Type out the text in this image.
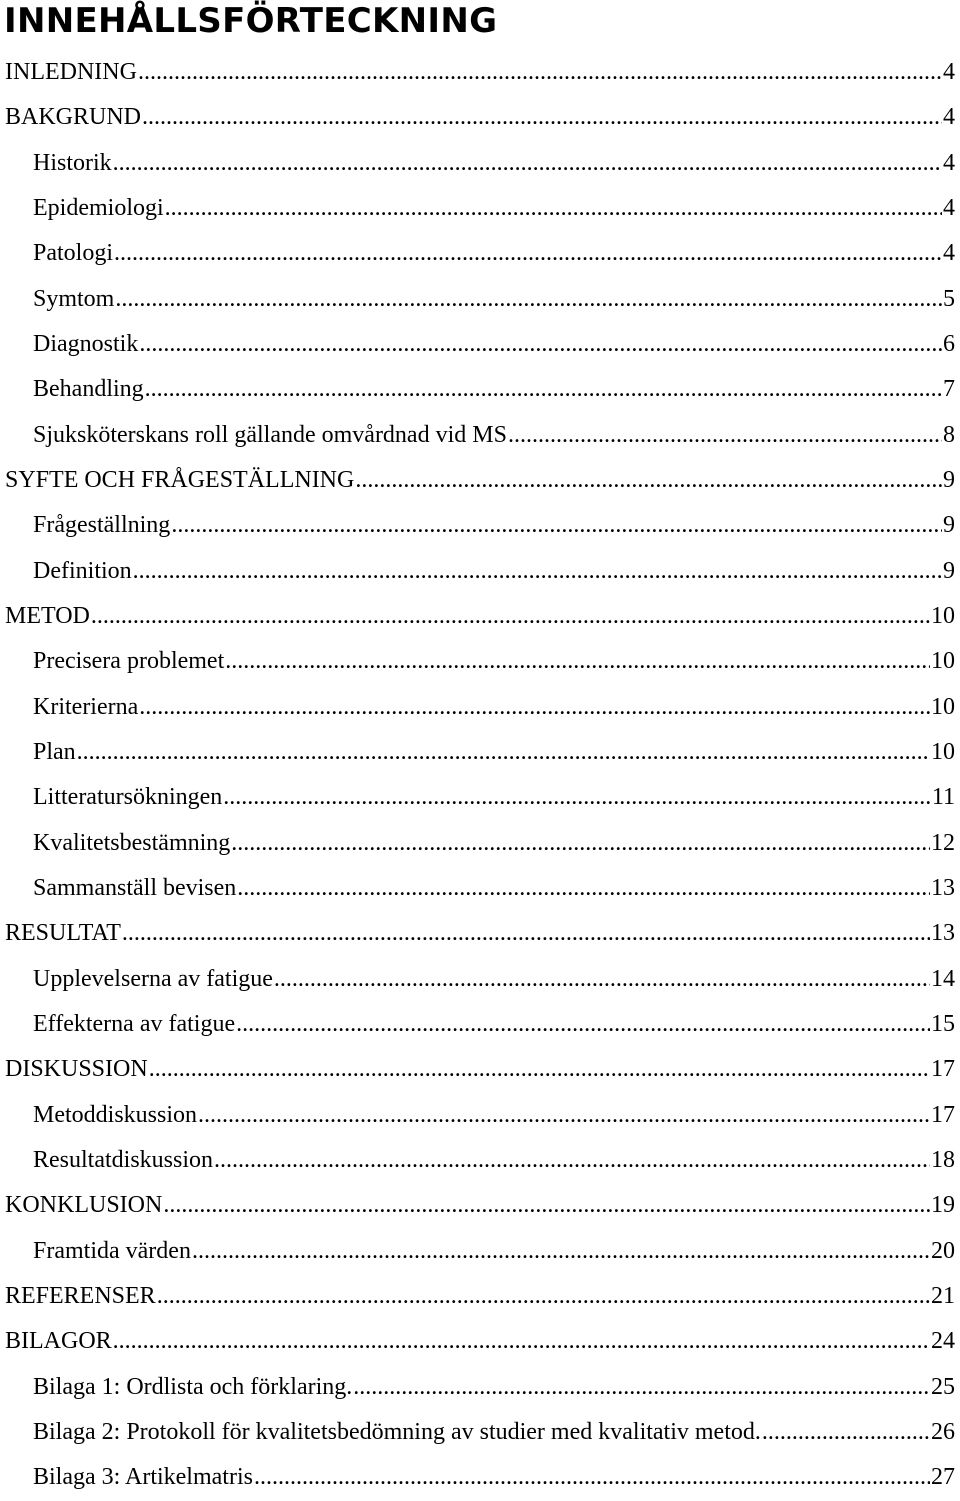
INNEHÅLLSFÖRTECKNING
INLEDNING .....	4
BAKGRUND .....	4
Historik .....	4
Epidemiologi .....	4
Patologi .....	4
Symtom .....	5
Diagnostik .....	6
Behandling .....	7
Sjuksköterskans roll gällande omvårdnad vid MS .....	8
SYFTE OCH FRÅGESTÄLLNING .....	9
Frågeställning .....	9
Definition .....	9
METOD .....	10
Precisera problemet .....	10
Kriterierna .....	10
Plan .....	10
Litteratursökningen .....	11
Kvalitetsbestämning .....	12
Sammanställ bevisen .....	13
RESULTAT .....	13
Upplevelserna av fatigue .....	14
Effekterna av fatigue .....	15
DISKUSSION .....	17
Metoddiskussion .....	17
Resultatdiskussion .....	18
KONKLUSION .....	19
Framtida värden .....	20
REFERENSER .....	21
BILAGOR .....	24
Bilaga 1: Ordlista och förklaring. .....	25
Bilaga 2: Protokoll för kvalitetsbedömning av studier med kvalitativ metod. .....	26
Bilaga 3: Artikelmatris .....	27
